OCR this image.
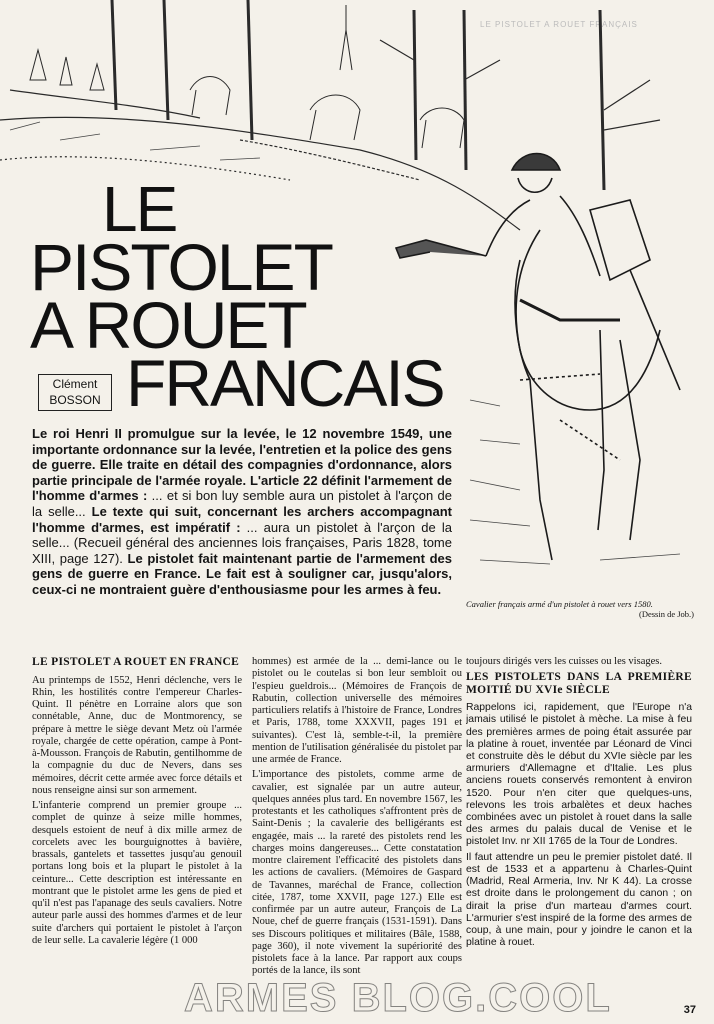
LE PISTOLET A ROUET FRANÇAIS
LE
PISTOLET
A ROUET
FRANCAIS
Clément
BOSSON
Le roi Henri II promulgue sur la levée, le 12 novembre 1549, une importante ordonnance sur la levée, l'entretien et la police des gens de guerre. Elle traite en détail des compagnies d'ordonnance, alors partie principale de l'armée royale. L'article 22 définit l'armement de l'homme d'armes : ... et si bon luy semble aura un pistolet à l'arçon de la selle... Le texte qui suit, concernant les archers accompagnant l'homme d'armes, est impératif : ... aura un pistolet à l'arçon de la selle... (Recueil général des anciennes lois françaises, Paris 1828, tome XIII, page 127). Le pistolet fait maintenant partie de l'armement des gens de guerre en France. Le fait est à souligner car, jusqu'alors, ceux-ci ne montraient guère d'enthousiasme pour les armes à feu.
Cavalier français armé d'un pistolet à rouet vers 1580.
(Dessin de Job.)
LE PISTOLET A ROUET EN FRANCE

Au printemps de 1552, Henri déclenche, vers le Rhin, les hostilités contre l'empereur Charles-Quint. Il pénètre en Lorraine alors que son connétable, Anne, duc de Montmorency, se prépare à mettre le siège devant Metz où l'armée royale, chargée de cette opération, campe à Pont-à-Mousson. François de Rabutin, gentilhomme de la compagnie du duc de Nevers, dans ses mémoires, décrit cette armée avec force détails et nous renseigne ainsi sur son armement.

L'infanterie comprend un premier groupe ... complet de quinze à seize mille hommes, desquels estoient de neuf à dix mille armez de corcelets avec les bourguignottes à bavière, brassals, gantelets et tassettes jusqu'au genouil portans long bois et la plupart le pistolet à la ceinture... Cette description est intéressante en montrant que le pistolet arme les gens de pied et qu'il n'est pas l'apanage des seuls cavaliers. Notre auteur parle aussi des hommes d'armes et de leur suite d'archers qui portaient le pistolet à l'arçon de leur selle. La cavalerie légère (1 000

hommes) est armée de la ... demi-lance ou le pistolet ou le coutelas si bon leur sembloit ou l'espieu gueldrois... (Mémoires de François de Rabutin, collection universelle des mémoires particuliers relatifs à l'histoire de France, Londres et Paris, 1788, tome XXXVII, pages 191 et suivantes). C'est là, semble-t-il, la première mention de l'utilisation généralisée du pistolet par une armée de France.

L'importance des pistolets, comme arme de cavalier, est signalée par un autre auteur, quelques années plus tard. En novembre 1567, les protestants et les catholiques s'affrontent près de Saint-Denis ; la cavalerie des belligérants est engagée, mais ... la rareté des pistolets rend les charges moins dangereuses... Cette constatation montre clairement l'efficacité des pistolets dans les actions de cavaliers. (Mémoires de Gaspard de Tavannes, maréchal de France, collection citée, 1787, tome XXVII, page 127.) Elle est confirmée par un autre auteur, François de La Noue, chef de guerre français (1531-1591). Dans ses Discours politiques et militaires (Bâle, 1588, page 360), il note vivement la supériorité des pistolets face à la lance. Par rapport aux coups portés de la lance, ils sont

toujours dirigés vers les cuisses ou les visages.

LES PISTOLETS DANS LA PREMIÈRE MOITIÉ DU XVIe SIÈCLE

Rappelons ici, rapidement, que l'Europe n'a jamais utilisé le pistolet à mèche. La mise à feu des premières armes de poing était assurée par la platine à rouet, inventée par Léonard de Vinci et construite dès le début du XVIe siècle par les armuriers d'Allemagne et d'Italie. Les plus anciens rouets conservés remontent à environ 1520. Pour n'en citer que quelques-uns, relevons les trois arbalètes et deux haches combinées avec un pistolet à rouet dans la salle des armes du palais ducal de Venise et le pistolet Inv. nr XII 1765 de la Tour de Londres.

Il faut attendre un peu le premier pistolet daté. Il est de 1533 et a appartenu à Charles-Quint (Madrid, Real Armeria, Inv. Nr K 44). La crosse est droite dans le prolongement du canon ; on dirait la prise d'un marteau d'armes court. L'armurier s'est inspiré de la forme des armes de coup, à une main, pour y joindre le canon et la platine à rouet.

ARMES BLOG.COOL	37
